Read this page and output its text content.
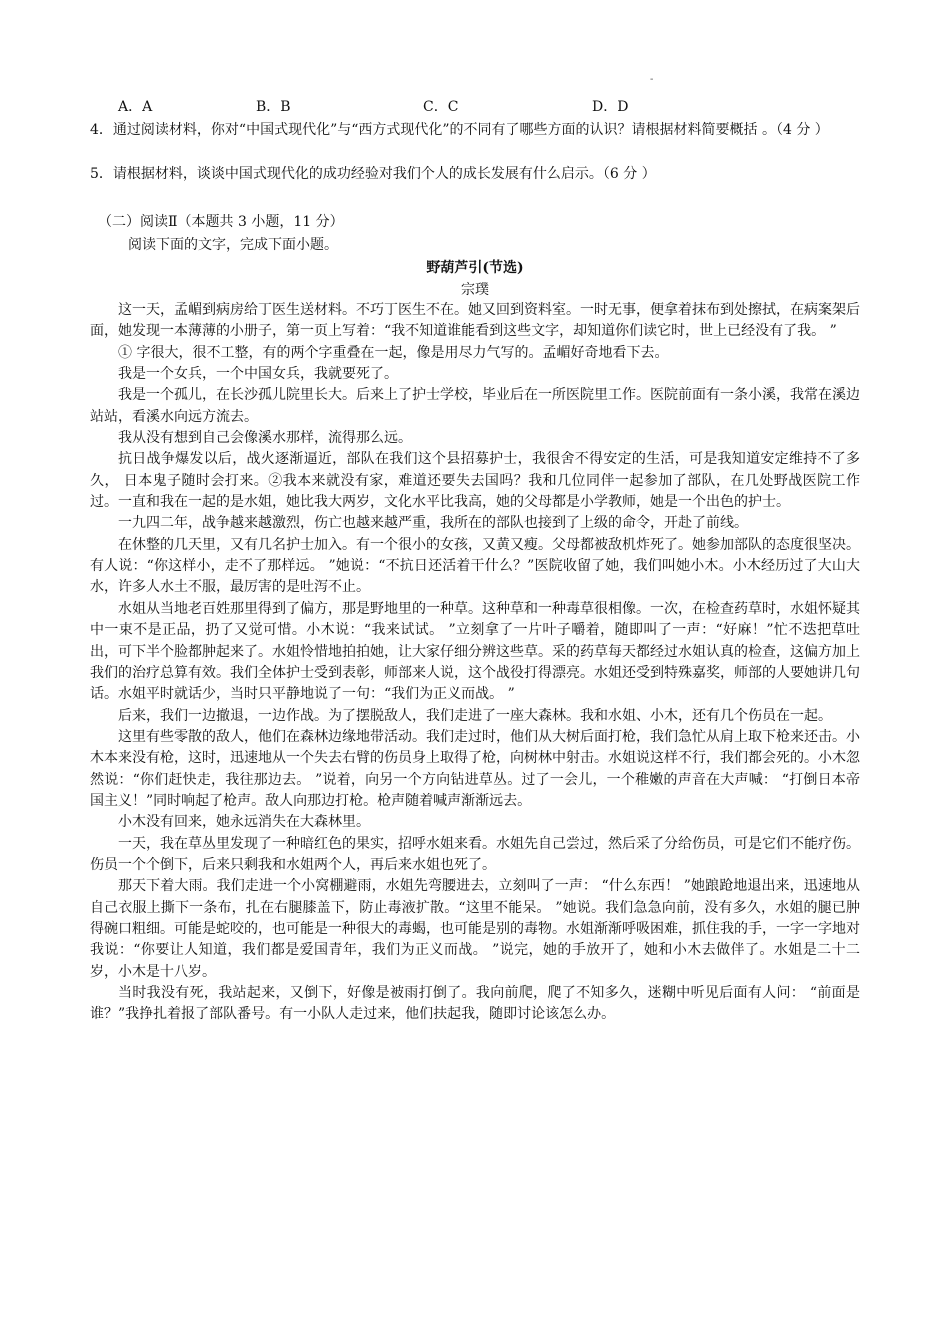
-
A．A	B．B	C．C	D．D
4．通过阅读材料，你对“中国式现代化”与“西方式现代化”的不同有了哪些方面的认识？请根据材料简要概括 。（4 分 ）
5．请根据材料，谈谈中国式现代化的成功经验对我们个人的成长发展有什么启示。（6 分 ）
（二）阅读Ⅱ（本题共 3 小题，11 分）
阅读下面的文字，完成下面小题。
野葫芦引(节选)
宗璞

这一天，孟嵋到病房给丁医生送材料。不巧丁医生不在。她又回到资料室。一时无事，便拿着抹布到处擦拭，在病案架后面，她发现一本薄薄的小册子，第一页上写着：“我不知道谁能看到这些文字，却知道你们读它时，世上已经没有了我。 ”

① 字很大，很不工整，有的两个字重叠在一起，像是用尽力气写的。孟嵋好奇地看下去。

我是一个女兵，一个中国女兵，我就要死了。

我是一个孤儿，在长沙孤儿院里长大。后来上了护士学校，毕业后在一所医院里工作。医院前面有一条小溪，我常在溪边站站，看溪水向远方流去。

我从没有想到自己会像溪水那样，流得那么远。

抗日战争爆发以后，战火逐渐逼近，部队在我们这个县招募护士，我很舍不得安定的生活，可是我知道安定维持不了多久， 日本鬼子随时会打来。②我本来就没有家，难道还要失去国吗？我和几位同伴一起参加了部队，在几处野战医院工作过。一直和我在一起的是水姐，她比我大两岁，文化水平比我高，她的父母都是小学教师，她是一个出色的护士。

一九四二年，战争越来越激烈，伤亡也越来越严重，我所在的部队也接到了上级的命令，开赴了前线。

在休整的几天里，又有几名护士加入。有一个很小的女孩，又黄又瘦。父母都被敌机炸死了。她参加部队的态度很坚决。有人说：“你这样小，走不了那样远。 ”她说：“不抗日还活着干什么？”医院收留了她，我们叫她小木。小木经历过了大山大水，许多人水土不服，最厉害的是吐泻不止。

水姐从当地老百姓那里得到了偏方，那是野地里的一种草。这种草和一种毒草很相像。一次，在检查药草时，水姐怀疑其中一束不是正品，扔了又觉可惜。小木说：“我来试试。 ”立刻拿了一片叶子嚼着，随即叫了一声：“好麻！”忙不迭把草吐出，可下半个脸都肿起来了。水姐怜惜地拍拍她，让大家仔细分辨这些草。采的药草每天都经过水姐认真的检查，这偏方加上我们的治疗总算有效。我们全体护士受到表彰，师部来人说，这个战役打得漂亮。水姐还受到特殊嘉奖，师部的人要她讲几句话。水姐平时就话少，当时只平静地说了一句：“我们为正义而战。 ”

后来，我们一边撤退，一边作战。为了摆脱敌人，我们走进了一座大森林。我和水姐、小木，还有几个伤员在一起。

这里有些零散的敌人，他们在森林边缘地带活动。我们走过时，他们从大树后面打枪，我们急忙从肩上取下枪来还击。小木本来没有枪，这时，迅速地从一个失去右臂的伤员身上取得了枪，向树林中射击。水姐说这样不行，我们都会死的。小木忽然说：“你们赶快走，我往那边去。 ”说着，向另一个方向钻进草丛。过了一会儿，一个稚嫩的声音在大声喊： “打倒日本帝国主义！”同时响起了枪声。敌人向那边打枪。枪声随着喊声渐渐远去。

小木没有回来，她永远消失在大森林里。

一天，我在草丛里发现了一种暗红色的果实，招呼水姐来看。水姐先自己尝过，然后采了分给伤员，可是它们不能疗伤。伤员一个个倒下，后来只剩我和水姐两个人，再后来水姐也死了。

那天下着大雨。我们走进一个小窝棚避雨，水姐先弯腰进去，立刻叫了一声： “什么东西！ ”她踉跄地退出来，迅速地从自己衣服上撕下一条布，扎在右腿膝盖下，防止毒液扩散。“这里不能呆。 ”她说。我们急急向前，没有多久，水姐的腿已肿得碗口粗细。可能是蛇咬的，也可能是一种很大的毒蝎，也可能是别的毒物。水姐渐渐呼吸困难，抓住我的手，一字一字地对我说：“你要让人知道，我们都是爱国青年，我们为正义而战。 ”说完，她的手放开了，她和小木去做伴了。水姐是二十二岁，小木是十八岁。

当时我没有死，我站起来，又倒下，好像是被雨打倒了。我向前爬，爬了不知多久，迷糊中听见后面有人问： “前面是谁？”我挣扎着报了部队番号。有一小队人走过来，他们扶起我，随即讨论该怎么办。
